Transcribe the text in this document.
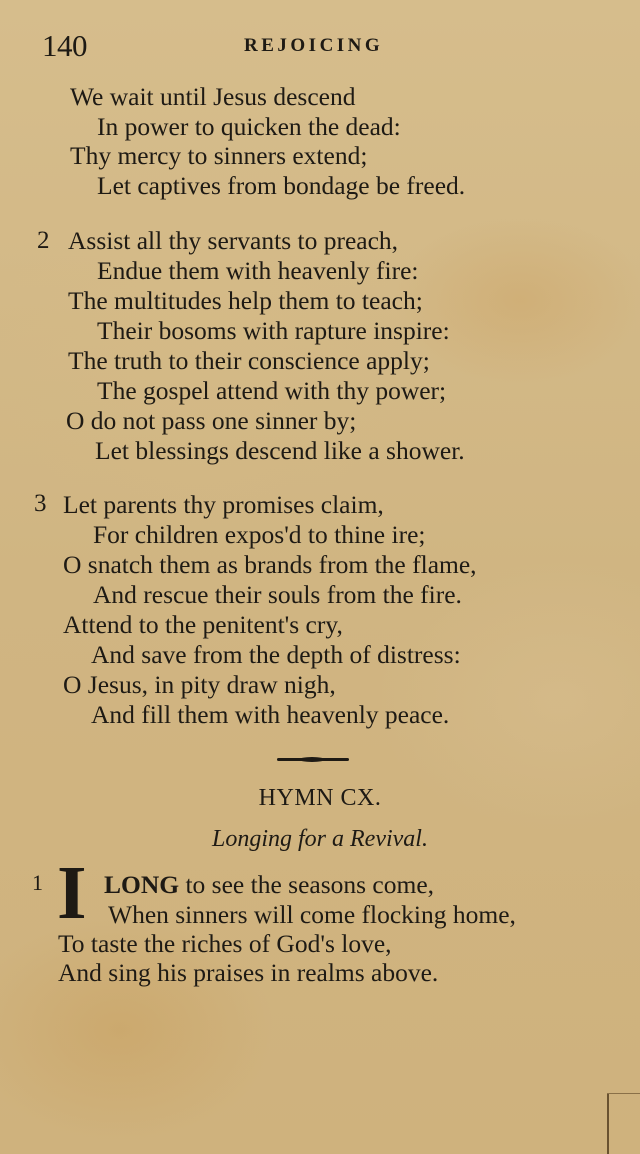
140	REJOICING
We wait until Jesus descend
In power to quicken the dead:
Thy mercy to sinners extend;
Let captives from bondage be freed.
2 Assist all thy servants to preach,
Endue them with heavenly fire:
The multitudes help them to teach;
Their bosoms with rapture inspire:
The truth to their conscience apply;
The gospel attend with thy power;
O do not pass one sinner by;
Let blessings descend like a shower.
3 Let parents thy promises claim,
For children expos'd to thine ire;
O snatch them as brands from the flame,
And rescue their souls from the fire.
Attend to the penitent's cry,
And save from the depth of distress:
O Jesus, in pity draw nigh,
And fill them with heavenly peace.
HYMN CX.
Longing for a Revival.
1 I LONG to see the seasons come,
When sinners will come flocking home,
To taste the riches of God's love,
And sing his praises in realms above.
